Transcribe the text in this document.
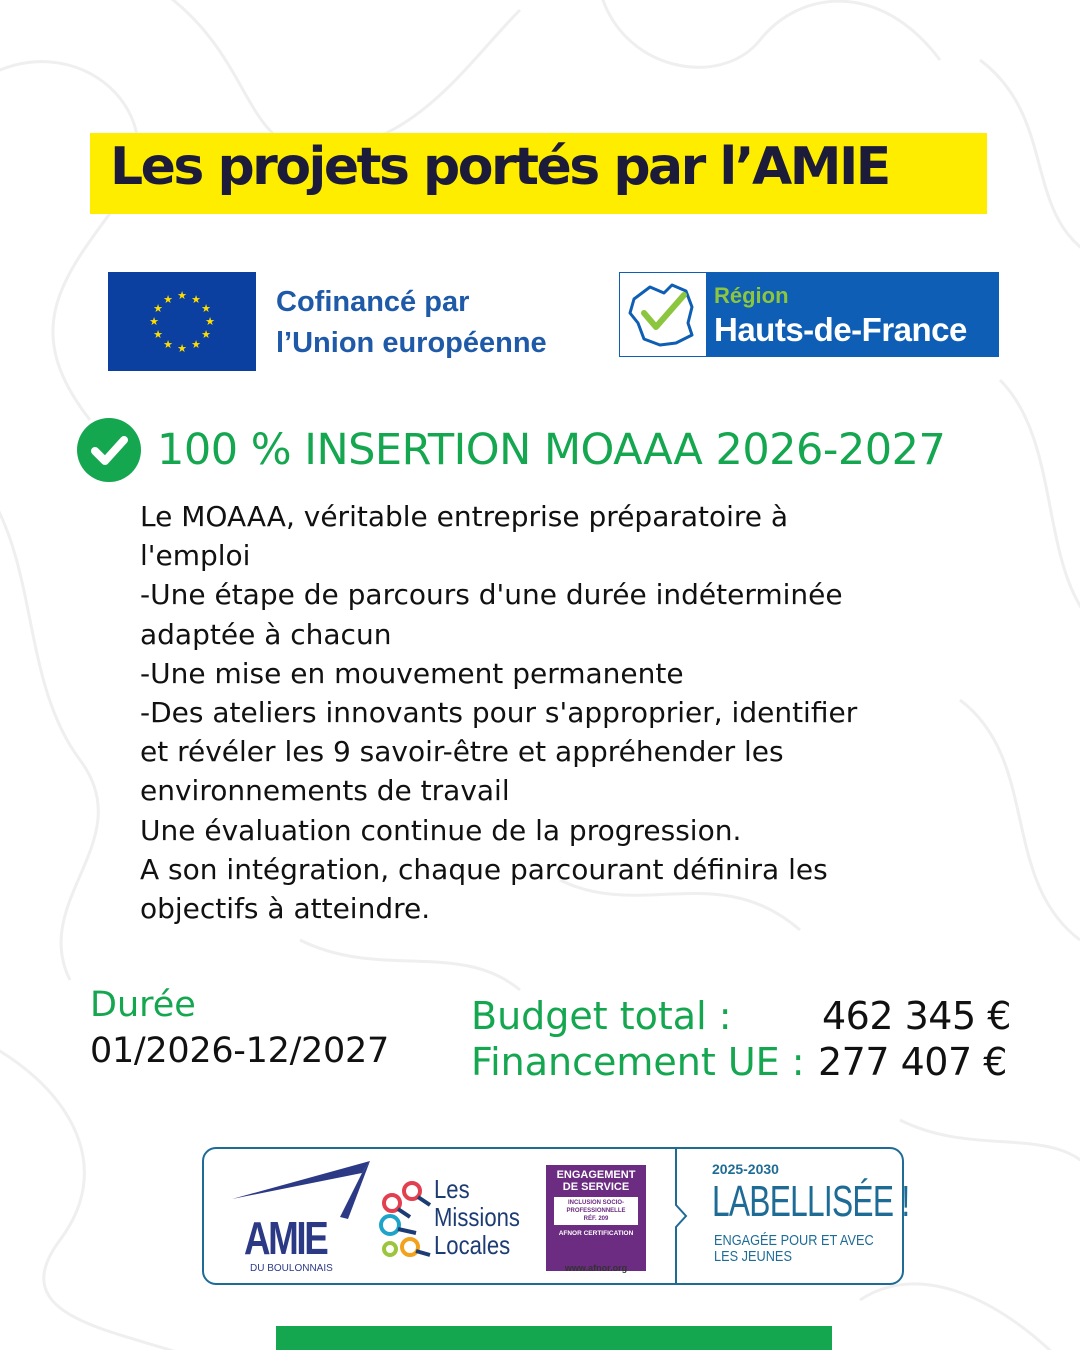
Les projets portés par l’AMIE
★ ★
★
★
★
★
★
★
★
★
★
★	Cofinancé par
l’Union européenne
Région
Hauts-de-France
100 % INSERTION MOAAA 2026-2027
Le MOAAA, véritable entreprise préparatoire à
l'emploi
-Une étape de parcours d'une durée indéterminée
adaptée à chacun
-Une mise en mouvement permanente
-Des ateliers innovants pour s'approprier, identifier
et révéler les 9 savoir-être et appréhender les
environnements de travail
Une évaluation continue de la progression.
A son intégration, chaque parcourant définira les
objectifs à atteindre.
Durée
01/2026-12/2027
Budget total : 462 345 €
Financement UE : 277 407 €
AMIE
DU BOULONNAIS
Les
Missions
Locales
ENGAGEMENT
DE SERVICE
INCLUSION SOCIO-
PROFESSIONNELLE
RÉF. 209
AFNOR CERTIFICATION
www.afnor.org
2025-2030
LABELLISÉE !
ENGAGÉE POUR ET AVEC
LES JEUNES
